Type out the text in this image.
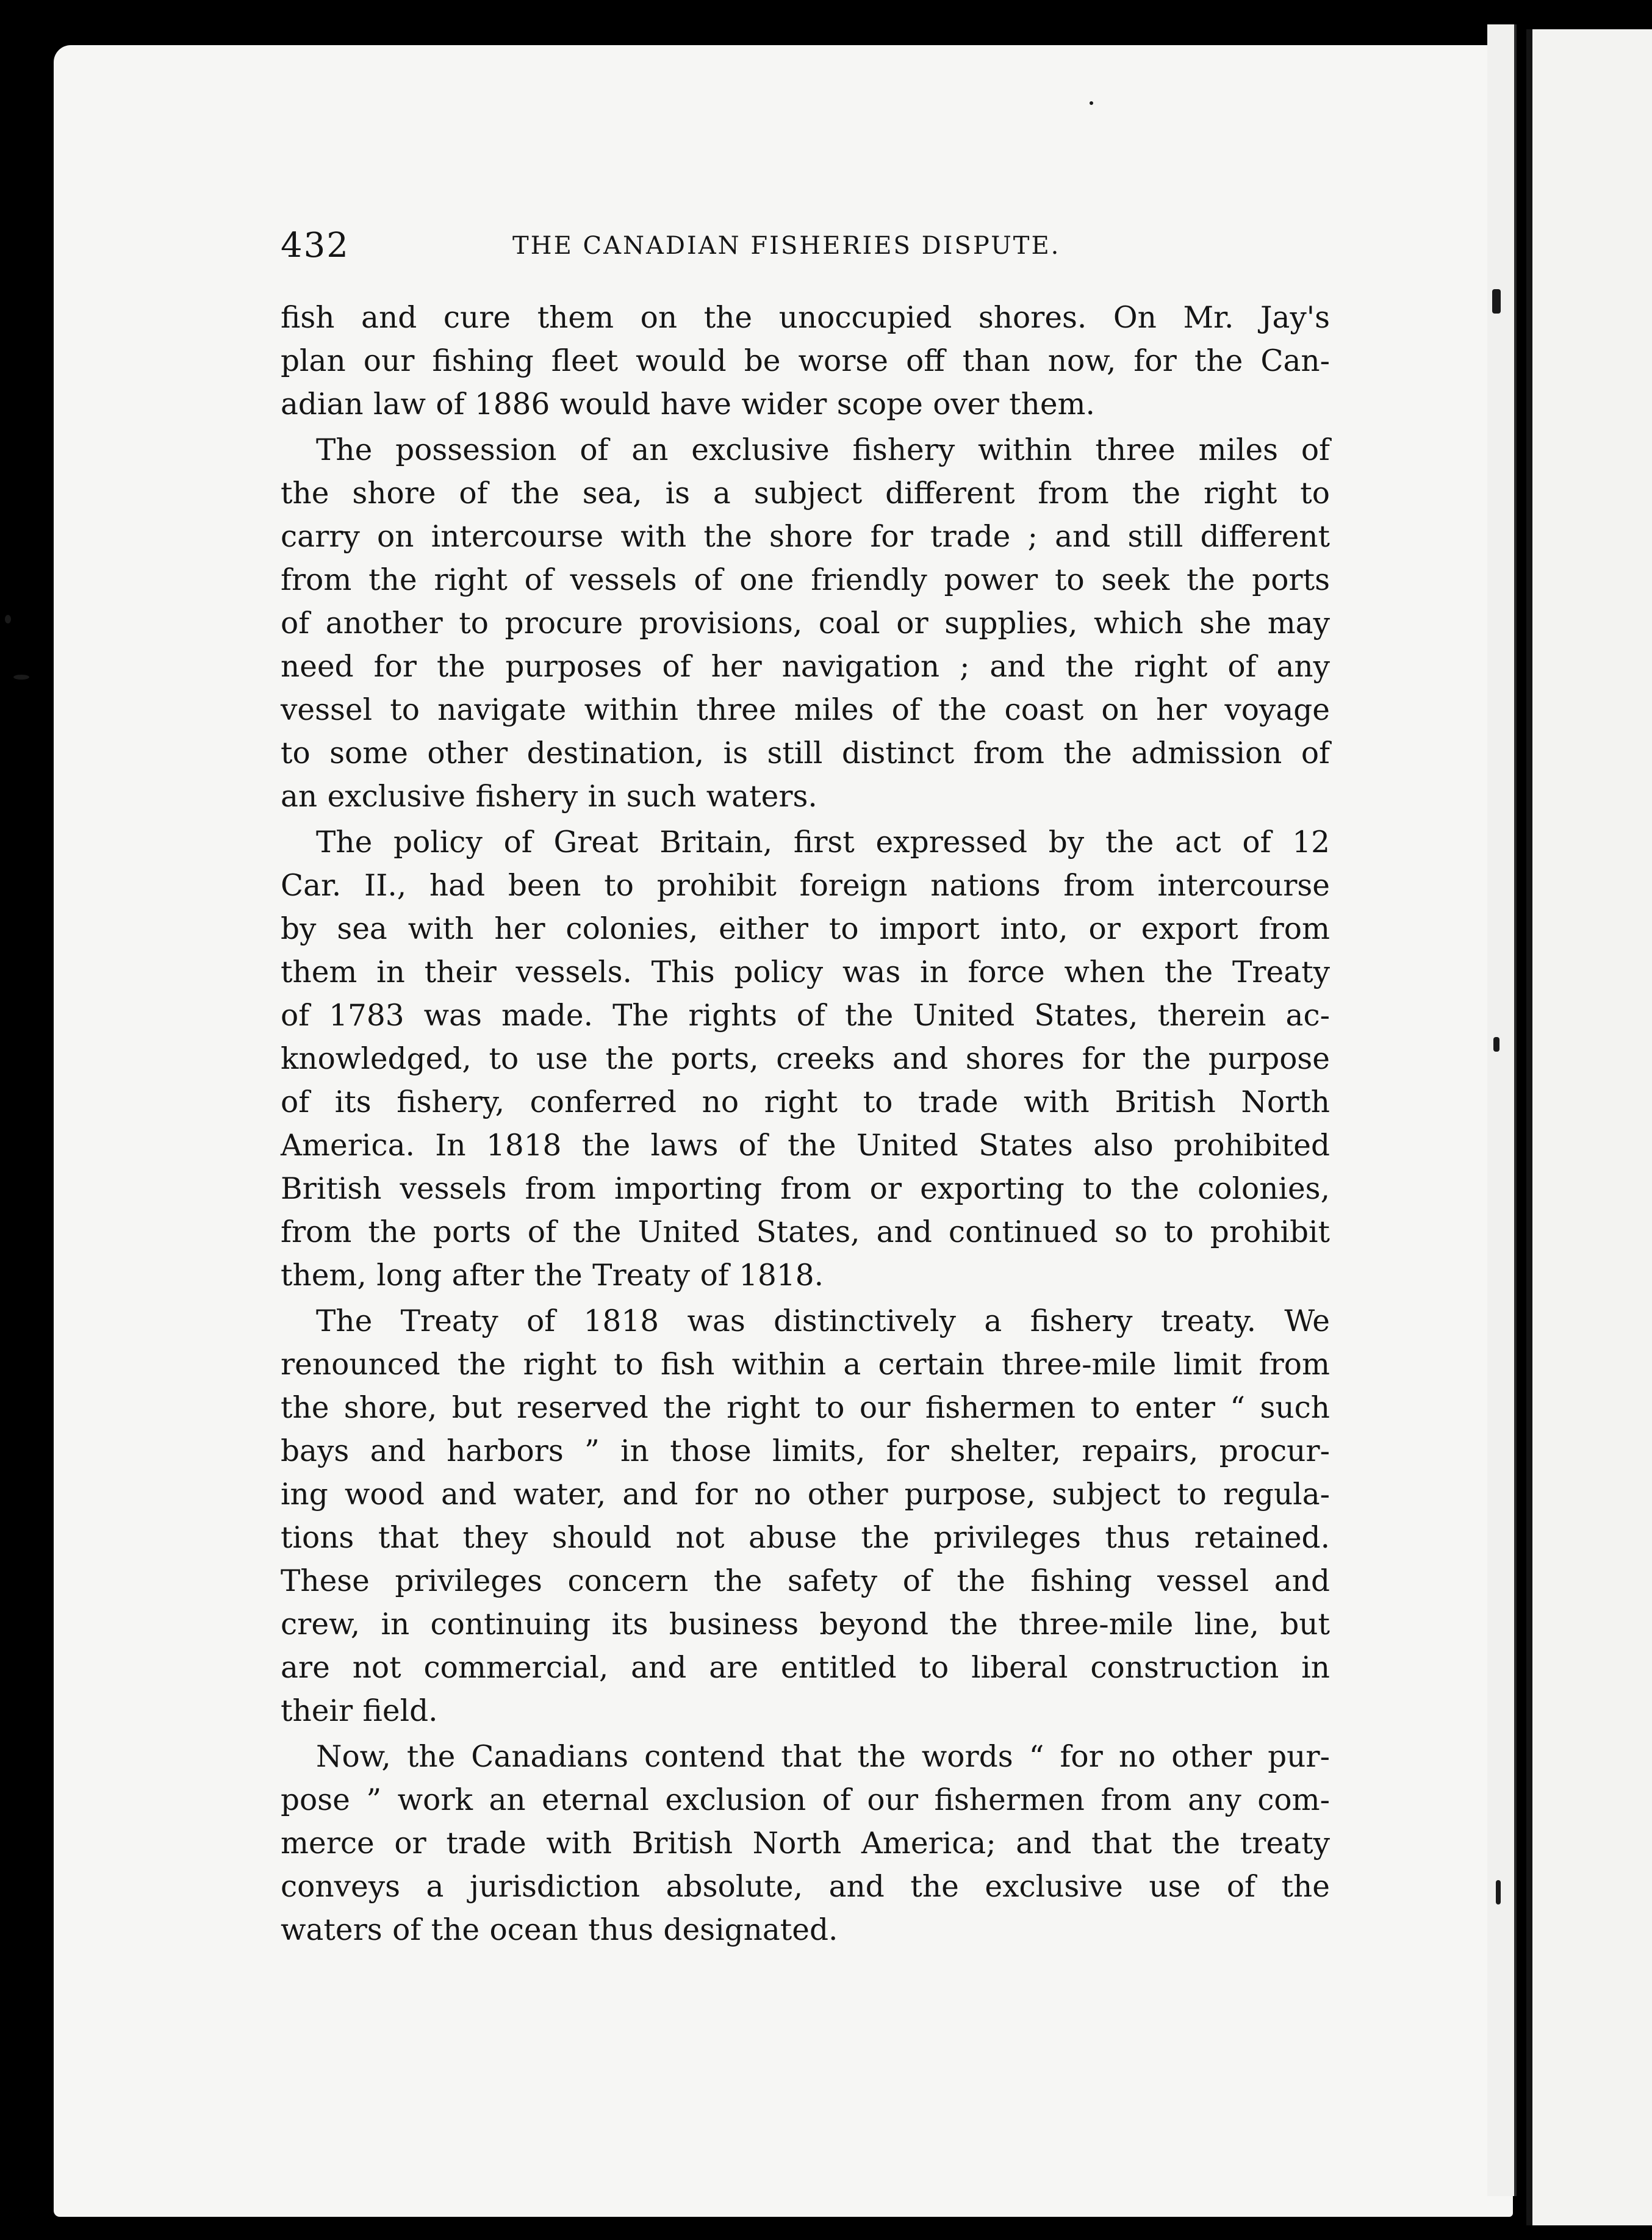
432	THE CANADIAN FISHERIES DISPUTE.

fish and cure them on the unoccupied shores. On Mr. Jay's
plan our fishing fleet would be worse off than now, for the Can-
adian law of 1886 would have wider scope over them.

The possession of an exclusive fishery within three miles of
the shore of the sea, is a subject different from the right to
carry on intercourse with the shore for trade ; and still different
from the right of vessels of one friendly power to seek the ports
of another to procure provisions, coal or supplies, which she may
need for the purposes of her navigation ; and the right of any
vessel to navigate within three miles of the coast on her voyage
to some other destination, is still distinct from the admission of
an exclusive fishery in such waters.

The policy of Great Britain, first expressed by the act of 12
Car. II., had been to prohibit foreign nations from intercourse
by sea with her colonies, either to import into, or export from
them in their vessels. This policy was in force when the Treaty
of 1783 was made. The rights of the United States, therein ac-
knowledged, to use the ports, creeks and shores for the purpose
of its fishery, conferred no right to trade with British North
America. In 1818 the laws of the United States also prohibited
British vessels from importing from or exporting to the colonies,
from the ports of the United States, and continued so to prohibit
them, long after the Treaty of 1818.

The Treaty of 1818 was distinctively a fishery treaty. We
renounced the right to fish within a certain three-mile limit from
the shore, but reserved the right to our fishermen to enter “ such
bays and harbors ” in those limits, for shelter, repairs, procur-
ing wood and water, and for no other purpose, subject to regula-
tions that they should not abuse the privileges thus retained.
These privileges concern the safety of the fishing vessel and
crew, in continuing its business beyond the three-mile line, but
are not commercial, and are entitled to liberal construction in
their field.

Now, the Canadians contend that the words “ for no other pur-
pose ” work an eternal exclusion of our fishermen from any com-
merce or trade with British North America; and that the treaty
conveys a jurisdiction absolute, and the exclusive use of the
waters of the ocean thus designated.
